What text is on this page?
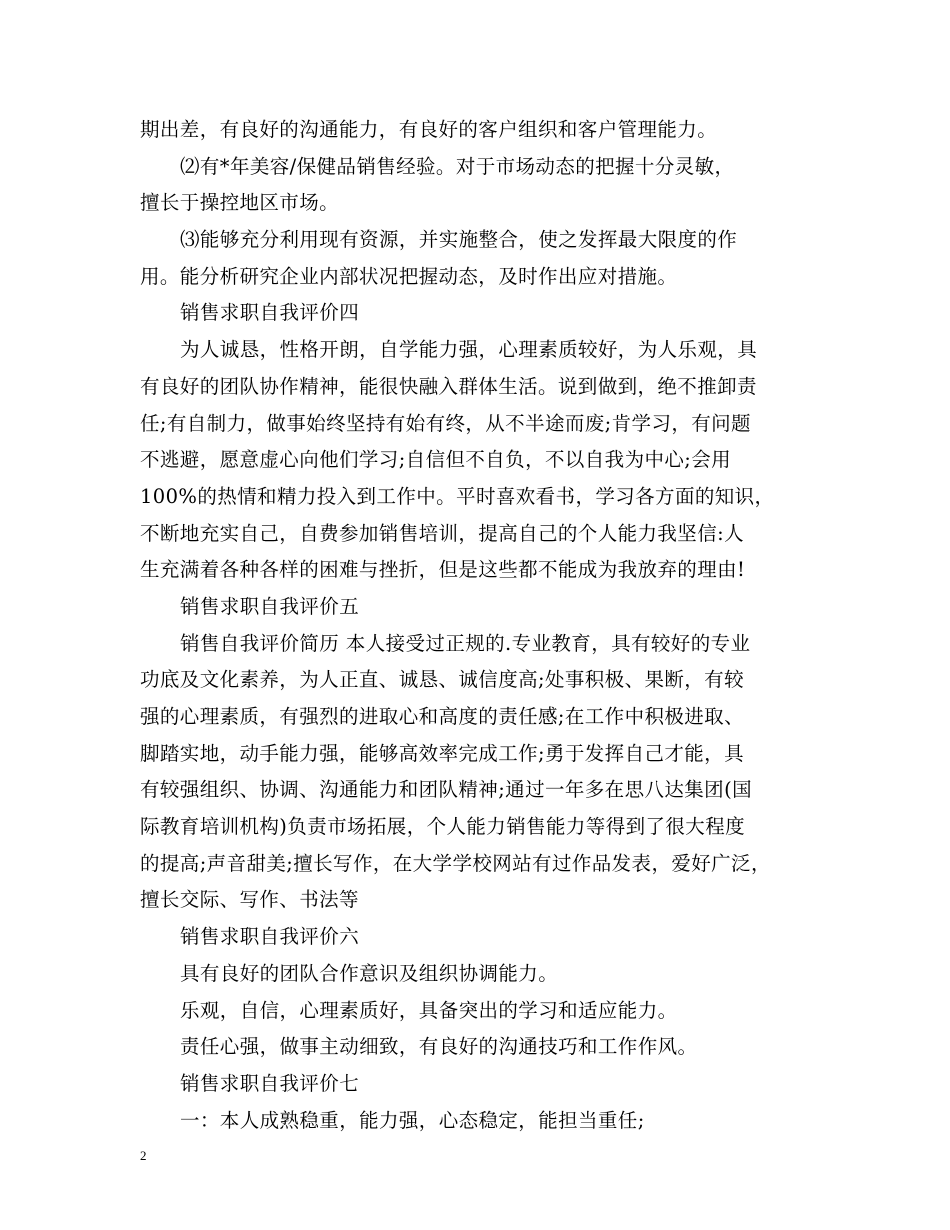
期出差，有良好的沟通能力，有良好的客户组织和客户管理能力。
⑵有*年美容/保健品销售经验。对于市场动态的把握十分灵敏，
擅长于操控地区市场。
⑶能够充分利用现有资源，并实施整合，使之发挥最大限度的作
用。能分析研究企业内部状况把握动态，及时作出应对措施。
销售求职自我评价四
为人诚恳，性格开朗，自学能力强，心理素质较好，为人乐观，具
有良好的团队协作精神，能很快融入群体生活。说到做到，绝不推卸责
任;有自制力，做事始终坚持有始有终，从不半途而废;肯学习，有问题
不逃避，愿意虚心向他们学习;自信但不自负，不以自我为中心;会用
100%的热情和精力投入到工作中。平时喜欢看书，学习各方面的知识，
不断地充实自己，自费参加销售培训，提高自己的个人能力我坚信:人
生充满着各种各样的困难与挫折，但是这些都不能成为我放弃的理由!
销售求职自我评价五
销售自我评价简历 本人接受过正规的.专业教育，具有较好的专业
功底及文化素养，为人正直、诚恳、诚信度高;处事积极、果断，有较
强的心理素质，有强烈的进取心和高度的责任感;在工作中积极进取、
脚踏实地，动手能力强，能够高效率完成工作;勇于发挥自己才能，具
有较强组织、协调、沟通能力和团队精神;通过一年多在思八达集团(国
际教育培训机构)负责市场拓展，个人能力销售能力等得到了很大程度
的提高;声音甜美;擅长写作，在大学学校网站有过作品发表，爱好广泛，
擅长交际、写作、书法等
销售求职自我评价六
具有良好的团队合作意识及组织协调能力。
乐观，自信，心理素质好，具备突出的学习和适应能力。
责任心强，做事主动细致，有良好的沟通技巧和工作作风。
销售求职自我评价七
一：本人成熟稳重，能力强，心态稳定，能担当重任;
2
